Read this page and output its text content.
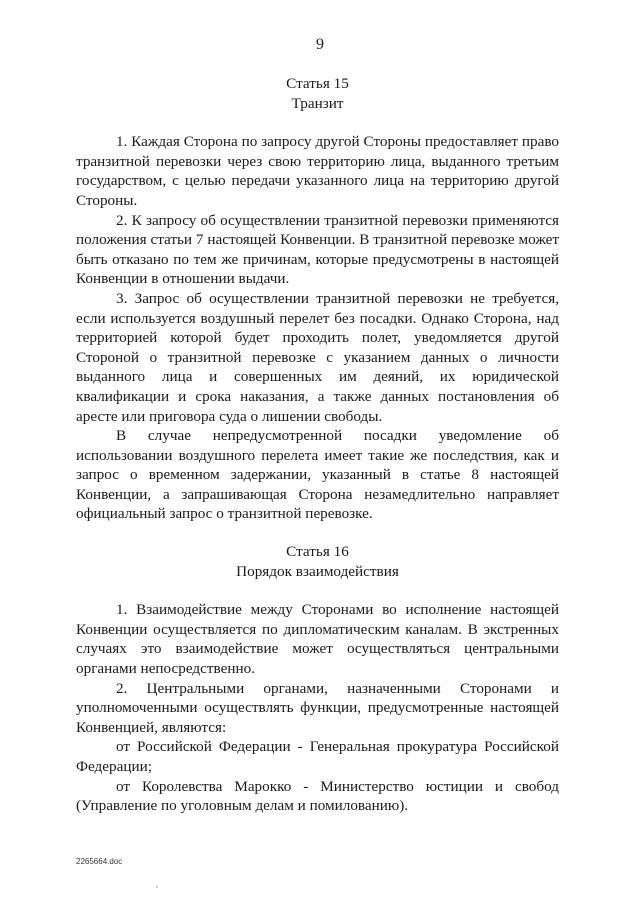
9

Статья 15

Транзит

1. Каждая Сторона по запросу другой Стороны предоставляет право транзитной перевозки через свою территорию лица, выданного третьим государством, с целью передачи указанного лица на территорию другой Стороны.

2. К запросу об осуществлении транзитной перевозки применяются положения статьи 7 настоящей Конвенции. В транзитной перевозке может быть отказано по тем же причинам, которые предусмотрены в настоящей Конвенции в отношении выдачи.

3. Запрос об осуществлении транзитной перевозки не требуется, если используется воздушный перелет без посадки. Однако Сторона, над территорией которой будет проходить полет, уведомляется другой Стороной о транзитной перевозке с указанием данных о личности выданного лица и совершенных им деяний, их юридической квалификации и срока наказания, а также данных постановления об аресте или приговора суда о лишении свободы.

В случае непредусмотренной посадки уведомление об использовании воздушного перелета имеет такие же последствия, как и запрос о временном задержании, указанный в статье 8 настоящей Конвенции, а запрашивающая Сторона незамедлительно направляет официальный запрос о транзитной перевозке.

Статья 16

Порядок взаимодействия

1. Взаимодействие между Сторонами во исполнение настоящей Конвенции осуществляется по дипломатическим каналам. В экстренных случаях это взаимодействие может осуществляться центральными органами непосредственно.

2. Центральными органами, назначенными Сторонами и уполномоченными осуществлять функции, предусмотренные настоящей Конвенцией, являются:

от Российской Федерации - Генеральная прокуратура Российской Федерации;

от Королевства Марокко - Министерство юстиции и свобод (Управление по уголовным делам и помилованию).

2265664.doc
